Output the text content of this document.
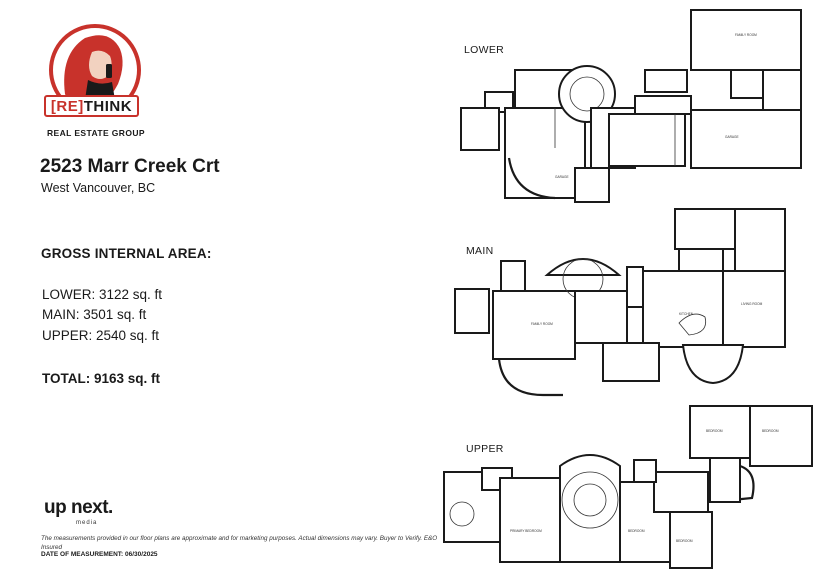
[RE] THINK
REAL ESTATE GROUP
2523 Marr Creek Crt
West Vancouver, BC
GROSS INTERNAL AREA:
LOWER: 3122 sq. ft
MAIN: 3501 sq. ft
UPPER: 2540 sq. ft
TOTAL: 9163 sq. ft
up next.
media
The measurements provided in our floor plans are approximate and for marketing purposes. Actual dimensions may vary. Buyer to Verify. E&O Insured
DATE OF MEASUREMENT: 06/30/2025
LOWER
MAIN
UPPER
GARAGE
GARAGE
FAMILY ROOM
FAMILY ROOM
KITCHEN
LIVING ROOM
PRIMARY BEDROOM
BEDROOM	BEDROOM
BEDROOM
BEDROOM
